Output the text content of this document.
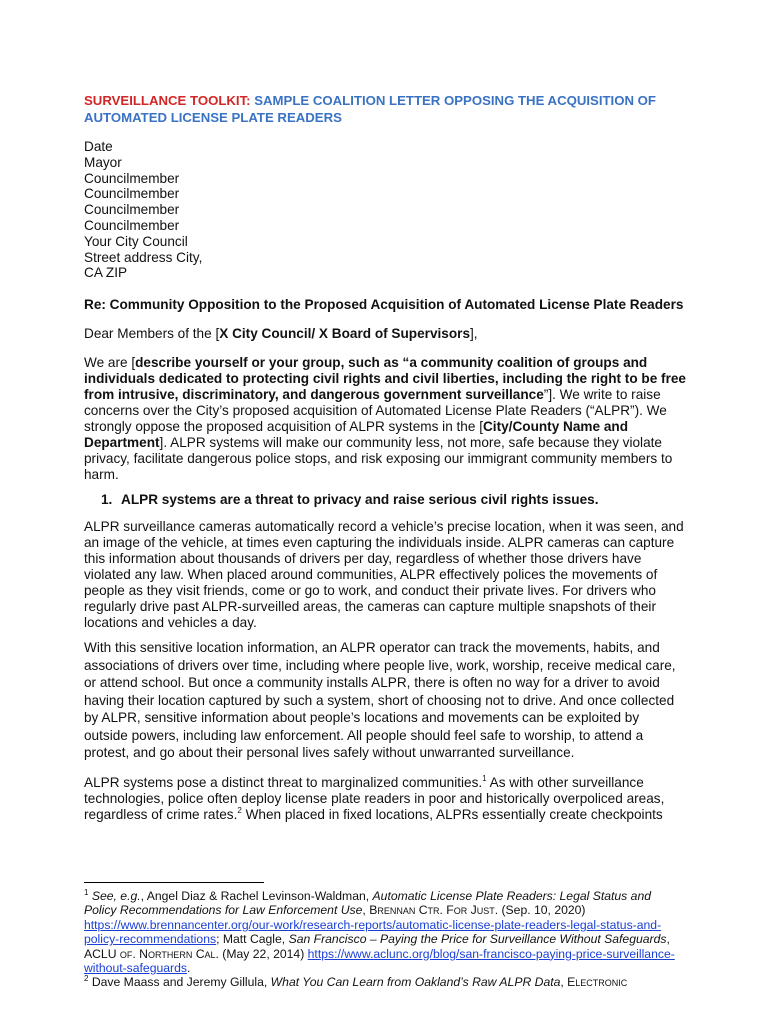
SURVEILLANCE TOOLKIT: SAMPLE COALITION LETTER OPPOSING THE ACQUISITION OF AUTOMATED LICENSE PLATE READERS
Date
Mayor
Councilmember
Councilmember
Councilmember
Councilmember
Your City Council
Street address City,
CA ZIP

Re: Community Opposition to the Proposed Acquisition of Automated License Plate Readers

Dear Members of the [X City Council/ X Board of Supervisors],

We are [describe yourself or your group, such as “a community coalition of groups and individuals dedicated to protecting civil rights and civil liberties, including the right to be free from intrusive, discriminatory, and dangerous government surveillance”]. We write to raise concerns over the City’s proposed acquisition of Automated License Plate Readers (“ALPR”). We strongly oppose the proposed acquisition of ALPR systems in the [City/County Name and Department]. ALPR systems will make our community less, not more, safe because they violate privacy, facilitate dangerous police stops, and risk exposing our immigrant community members to harm.

1. ALPR systems are a threat to privacy and raise serious civil rights issues.

ALPR surveillance cameras automatically record a vehicle’s precise location, when it was seen, and an image of the vehicle, at times even capturing the individuals inside. ALPR cameras can capture this information about thousands of drivers per day, regardless of whether those drivers have violated any law. When placed around communities, ALPR effectively polices the movements of people as they visit friends, come or go to work, and conduct their private lives. For drivers who regularly drive past ALPR-surveilled areas, the cameras can capture multiple snapshots of their locations and vehicles a day.

With this sensitive location information, an ALPR operator can track the movements, habits, and associations of drivers over time, including where people live, work, worship, receive medical care, or attend school. But once a community installs ALPR, there is often no way for a driver to avoid having their location captured by such a system, short of choosing not to drive. And once collected by ALPR, sensitive information about people’s locations and movements can be exploited by outside powers, including law enforcement. All people should feel safe to worship, to attend a protest, and go about their personal lives safely without unwarranted surveillance.

ALPR systems pose a distinct threat to marginalized communities.$^1$ As with other surveillance technologies, police often deploy license plate readers in poor and historically overpoliced areas, regardless of crime rates.$^2$ When placed in fixed locations, ALPRs essentially create checkpoints

$^1$ See, e.g., Angel Diaz & Rachel Levinson-Waldman, Automatic License Plate Readers: Legal Status and Policy Recommendations for Law Enforcement Use, Brennan Ctr. For Just. (Sep. 10, 2020) https://www.brennancenter.org/our-work/research-reports/automatic-license-plate-readers-legal-status-and-policy-recommendations; Matt Cagle, San Francisco – Paying the Price for Surveillance Without Safeguards, ACLU of. Northern Cal. (May 22, 2014) https://www.aclunc.org/blog/san-francisco-paying-price-surveillance-without-safeguards.
$^2$ Dave Maass and Jeremy Gillula, What You Can Learn from Oakland’s Raw ALPR Data, Electronic
